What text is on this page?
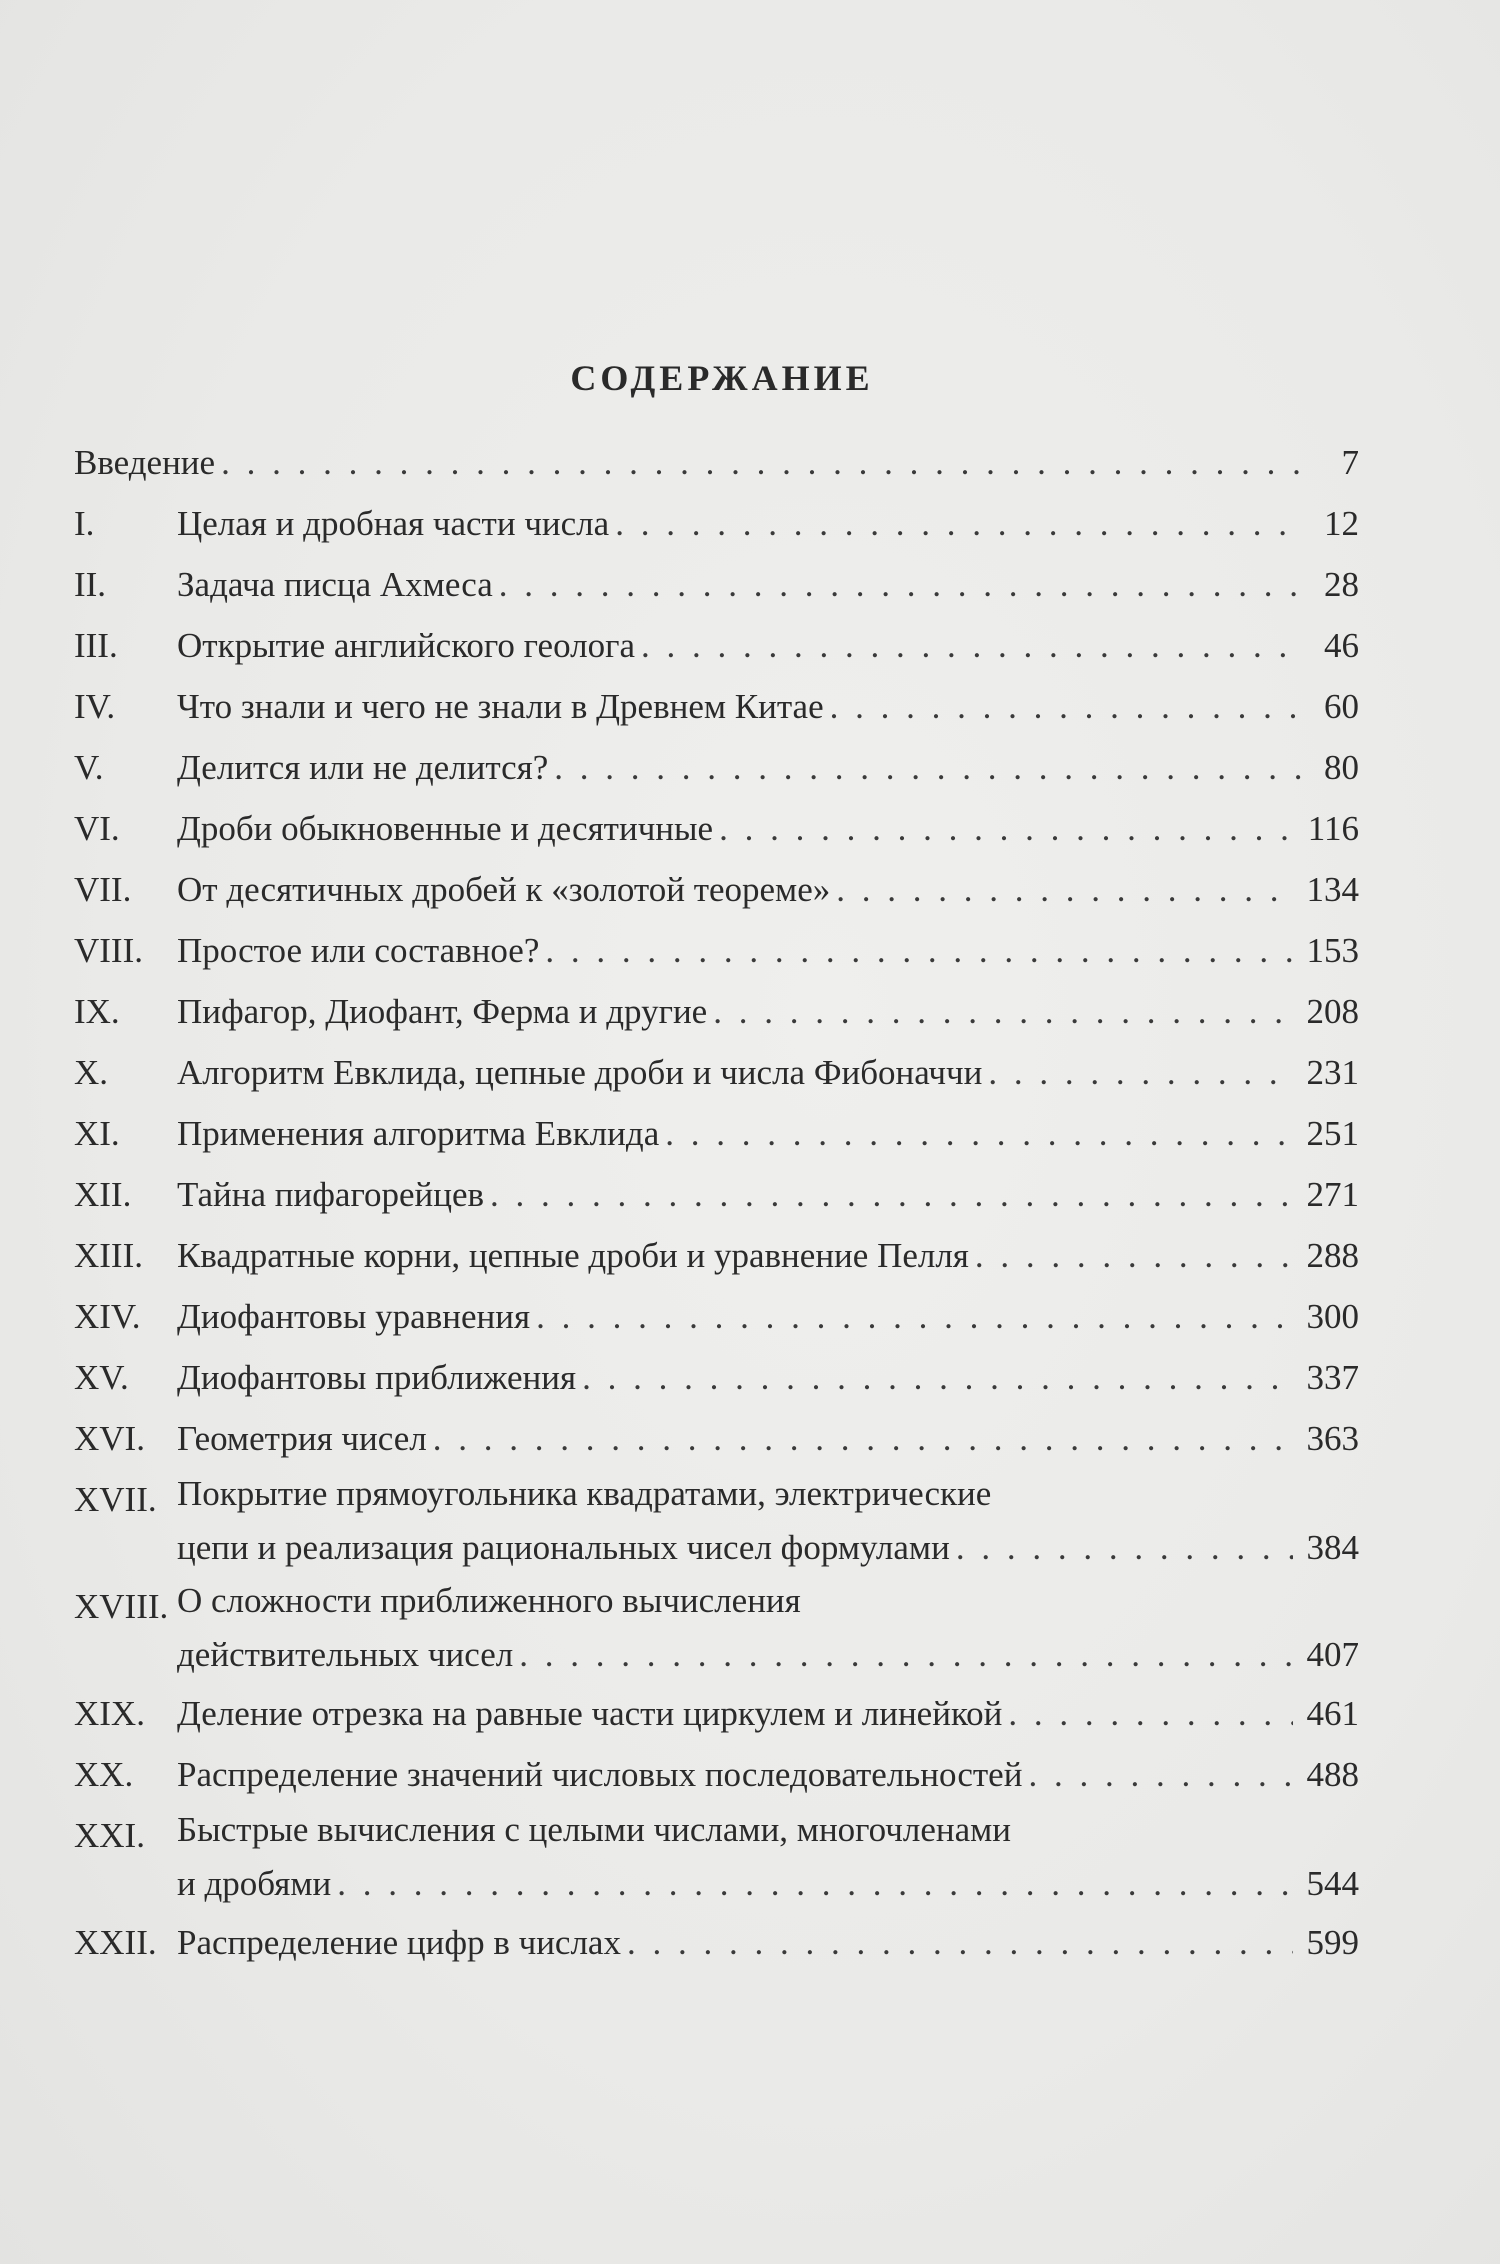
СОДЕРЖАНИЕ
Введение . . .	7
I.	Целая и дробная части числа . . .	12
II.	Задача писца Ахмеса . . .	28
III.	Открытие английского геолога . . .	46
IV.	Что знали и чего не знали в Древнем Китае . . .	60
V.	Делится или не делится? . . .	80
VI.	Дроби обыкновенные и десятичные . . .	116
VII.	От десятичных дробей к «золотой теореме» . . .	134
VIII. Простое или составное? . . .	153
IX.	Пифагор, Диофант, Ферма и другие . . .	208
X.	Алгоритм Евклида, цепные дроби и числа Фибоначчи . . .	231
XI.	Применения алгоритма Евклида . . .	251
XII.	Тайна пифагорейцев . . .	271
XIII. Квадратные корни, цепные дроби и уравнение Пелля . . .	288
XIV.	Диофантовы уравнения . . .	300
XV.	Диофантовы приближения . . .	337
XVI. Геометрия чисел . . .	363
XVII. Покрытие прямоугольника квадратами, электрические
цепи и реализация рациональных чисел формулами . . .	384
XVIII. О сложности приближенного вычисления
действительных чисел . . .	407
XIX. Деление отрезка на равные части циркулем и линейкой . . .	461
XX.	Распределение значений числовых последовательностей . . .	488
XXI. Быстрые вычисления с целыми числами, многочленами
и дробями . . .	544
XXII. Распределение цифр в числах . . .	599
